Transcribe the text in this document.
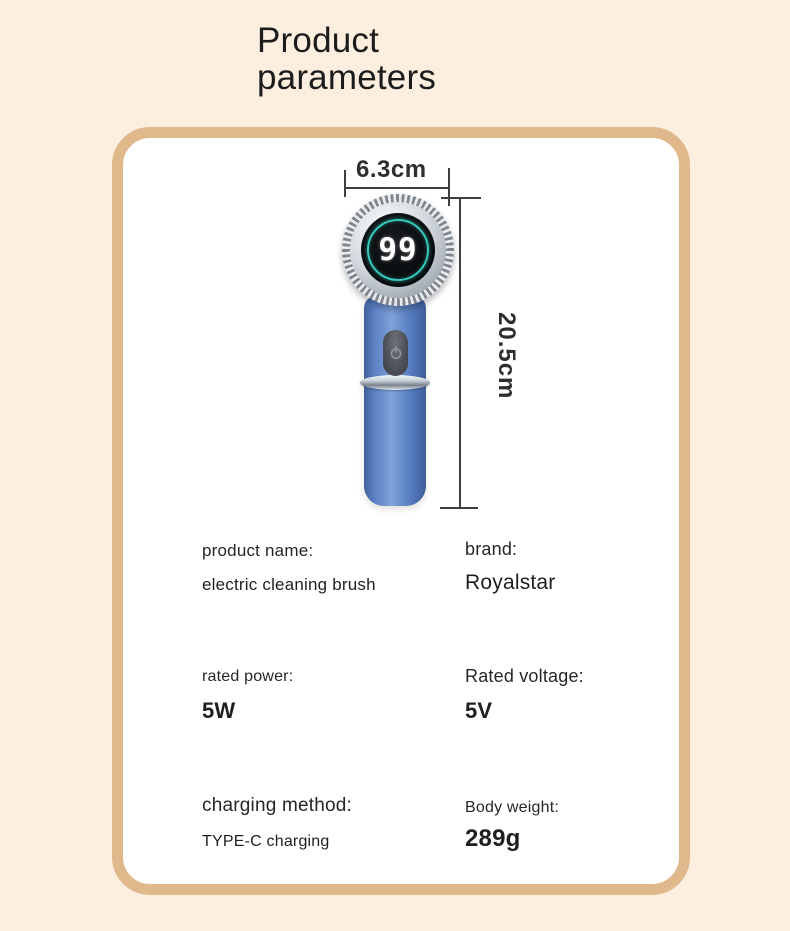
Product parameters
6.3cm
20.5cm
99
product name:
electric cleaning brush
brand:
Royalstar
rated power:
5W
Rated voltage:
5V
charging method:
TYPE-C charging
Body weight:
289g
